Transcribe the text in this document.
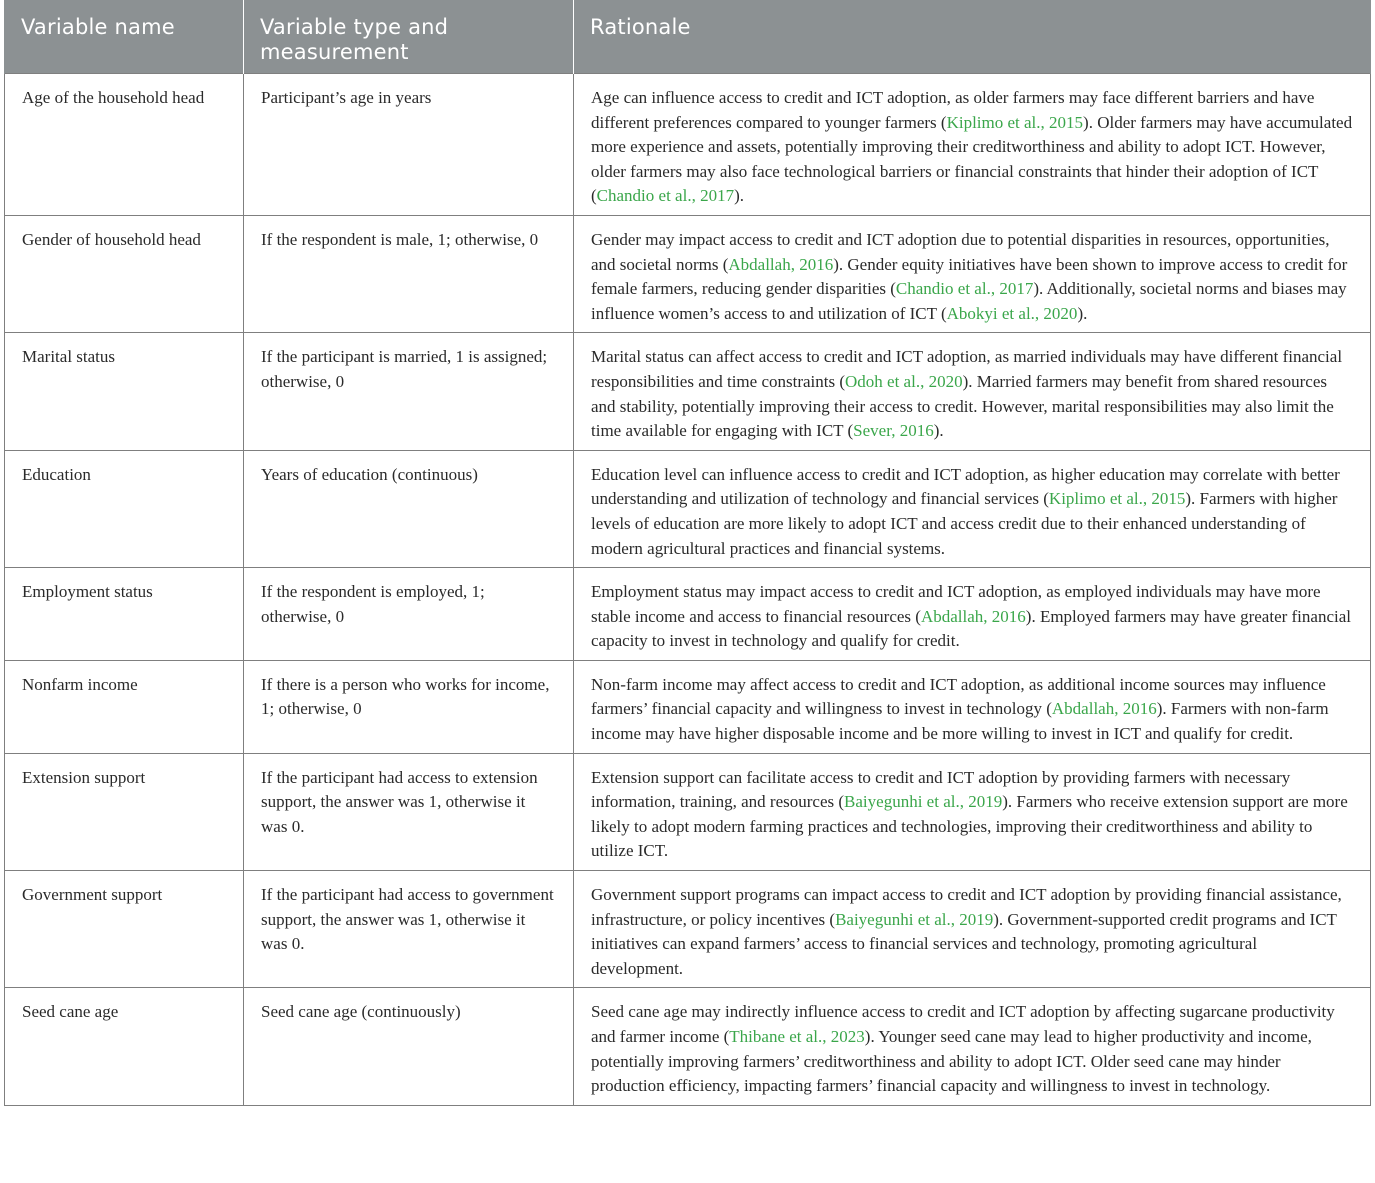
Variable name	Variable type and measurement	Rationale
Age of the household head	Participant’s age in years	Age can influence access to credit and ICT adoption, as older farmers may face different barriers and have different preferences compared to younger farmers (Kiplimo et al., 2015). Older farmers may have accumulated more experience and assets, potentially improving their creditworthiness and ability to adopt ICT. However, older farmers may also face technological barriers or financial constraints that hinder their adoption of ICT (Chandio et al., 2017).
Gender of household head	If the respondent is male, 1; otherwise, 0	Gender may impact access to credit and ICT adoption due to potential disparities in resources, opportunities, and societal norms (Abdallah, 2016). Gender equity initiatives have been shown to improve access to credit for female farmers, reducing gender disparities (Chandio et al., 2017). Additionally, societal norms and biases may influence women’s access to and utilization of ICT (Abokyi et al., 2020).
Marital status	If the participant is married, 1 is assigned; otherwise, 0	Marital status can affect access to credit and ICT adoption, as married individuals may have different financial responsibilities and time constraints (Odoh et al., 2020). Married farmers may benefit from shared resources and stability, potentially improving their access to credit. However, marital responsibilities may also limit the time available for engaging with ICT (Sever, 2016).
Education	Years of education (continuous)	Education level can influence access to credit and ICT adoption, as higher education may correlate with better understanding and utilization of technology and financial services (Kiplimo et al., 2015). Farmers with higher levels of education are more likely to adopt ICT and access credit due to their enhanced understanding of modern agricultural practices and financial systems.
Employment status	If the respondent is employed, 1; otherwise, 0	Employment status may impact access to credit and ICT adoption, as employed individuals may have more stable income and access to financial resources (Abdallah, 2016). Employed farmers may have greater financial capacity to invest in technology and qualify for credit.
Nonfarm income	If there is a person who works for income, 1; otherwise, 0	Non-farm income may affect access to credit and ICT adoption, as additional income sources may influence farmers’ financial capacity and willingness to invest in technology (Abdallah, 2016). Farmers with non-farm income may have higher disposable income and be more willing to invest in ICT and qualify for credit.
Extension support	If the participant had access to extension support, the answer was 1, otherwise it was 0.	Extension support can facilitate access to credit and ICT adoption by providing farmers with necessary information, training, and resources (Baiyegunhi et al., 2019). Farmers who receive extension support are more likely to adopt modern farming practices and technologies, improving their creditworthiness and ability to utilize ICT.
Government support	If the participant had access to government support, the answer was 1, otherwise it was 0.	Government support programs can impact access to credit and ICT adoption by providing financial assistance, infrastructure, or policy incentives (Baiyegunhi et al., 2019). Government-supported credit programs and ICT initiatives can expand farmers’ access to financial services and technology, promoting agricultural development.
Seed cane age	Seed cane age (continuously)	Seed cane age may indirectly influence access to credit and ICT adoption by affecting sugarcane productivity and farmer income (Thibane et al., 2023). Younger seed cane may lead to higher productivity and income, potentially improving farmers’ creditworthiness and ability to adopt ICT. Older seed cane may hinder production efficiency, impacting farmers’ financial capacity and willingness to invest in technology.
